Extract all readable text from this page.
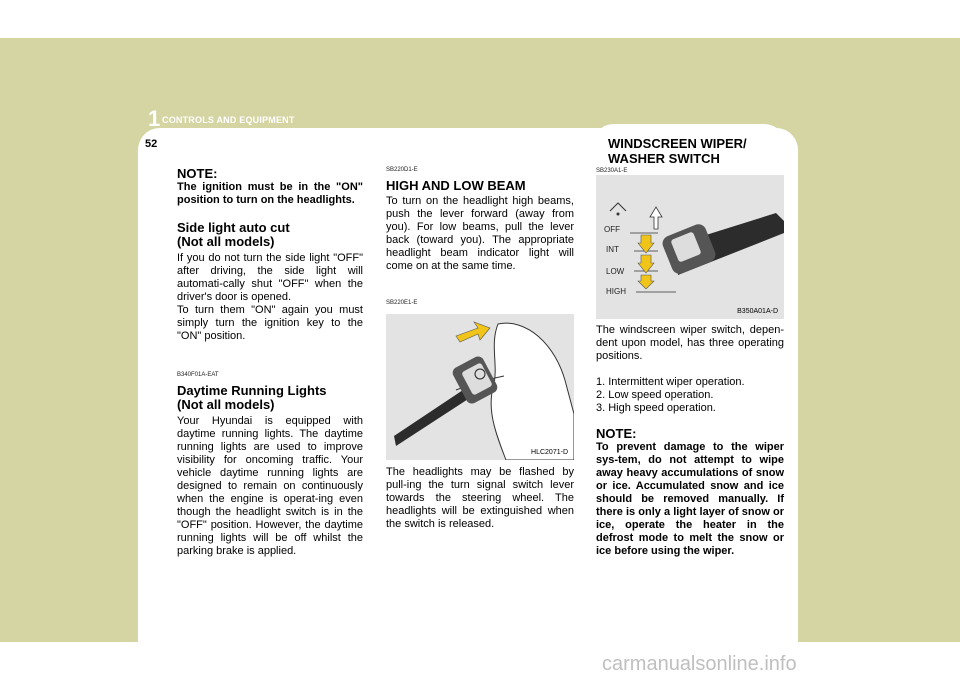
1 CONTROLS AND EQUIPMENT
52
NOTE:

The ignition must be in the "ON" position to turn on the headlights.

Side light auto cut
(Not all models)

If you do not turn the side light "OFF" after driving, the side light will automati-cally shut "OFF" when the driver's door is opened.

To turn them "ON" again you must simply turn the ignition key to the "ON" position.

B340F01A-EAT

Daytime Running Lights
(Not all models)

Your Hyundai is equipped with daytime running lights. The daytime running lights are used to improve visibility for oncoming traffic. Your vehicle daytime running lights are designed to remain on continuously when the engine is operat-ing even though the headlight switch is in the "OFF" position. However, the daytime running lights will be off whilst the parking brake is applied.

SB220D1-E

HIGH AND LOW BEAM

To turn on the headlight high beams, push the lever forward (away from you). For low beams, pull the lever back (toward you). The appropriate headlight beam indicator light will come on at the same time.

SB220E1-E

HLC2071-D

The headlights may be flashed by pull-ing the turn signal switch lever towards the steering wheel. The headlights will be extinguished when the switch is released.

WINDSCREEN WIPER/
WASHER SWITCH

SB230A1-E

OFF
INT
LOW
HIGH
B350A01A-D

The windscreen wiper switch, depen-dent upon model, has three operating positions.

1. Intermittent wiper operation.

2. Low speed operation.

3. High speed operation.

NOTE:

To prevent damage to the wiper sys-tem, do not attempt to wipe away heavy accumulations of snow or ice. Accumulated snow and ice should be removed manually. If there is only a light layer of snow or ice, operate the heater in the defrost mode to melt the snow or ice before using the wiper.

carmanualsonline.info
